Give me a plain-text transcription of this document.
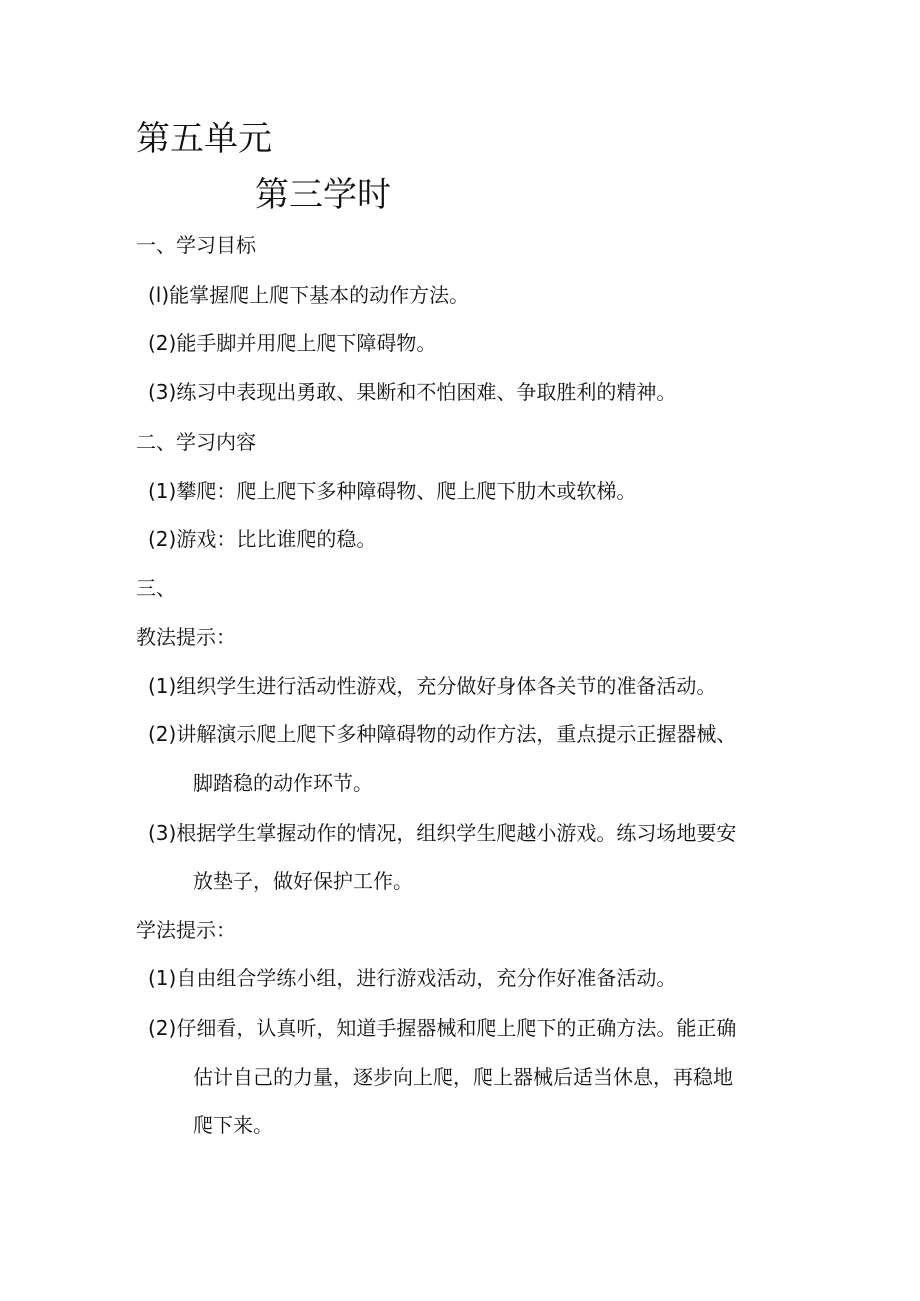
第五单元
第三学时
一、学习目标
(l)能掌握爬上爬下基本的动作方法。
(2)能手脚并用爬上爬下障碍物。
(3)练习中表现出勇敢、果断和不怕困难、争取胜利的精神。
二、学习内容
(1)攀爬：爬上爬下多种障碍物、爬上爬下肋木或软梯。
(2)游戏：比比谁爬的稳。
三、
教法提示：
(1)组织学生进行活动性游戏，充分做好身体各关节的准备活动。
(2)讲解演示爬上爬下多种障碍物的动作方法，重点提示正握器械、
脚踏稳的动作环节。
(3)根据学生掌握动作的情况，组织学生爬越小游戏。练习场地要安
放垫子，做好保护工作。
学法提示：
(1)自由组合学练小组，进行游戏活动，充分作好准备活动。
(2)仔细看，认真听，知道手握器械和爬上爬下的正确方法。能正确
估计自己的力量，逐步向上爬，爬上器械后适当休息，再稳地
爬下来。
